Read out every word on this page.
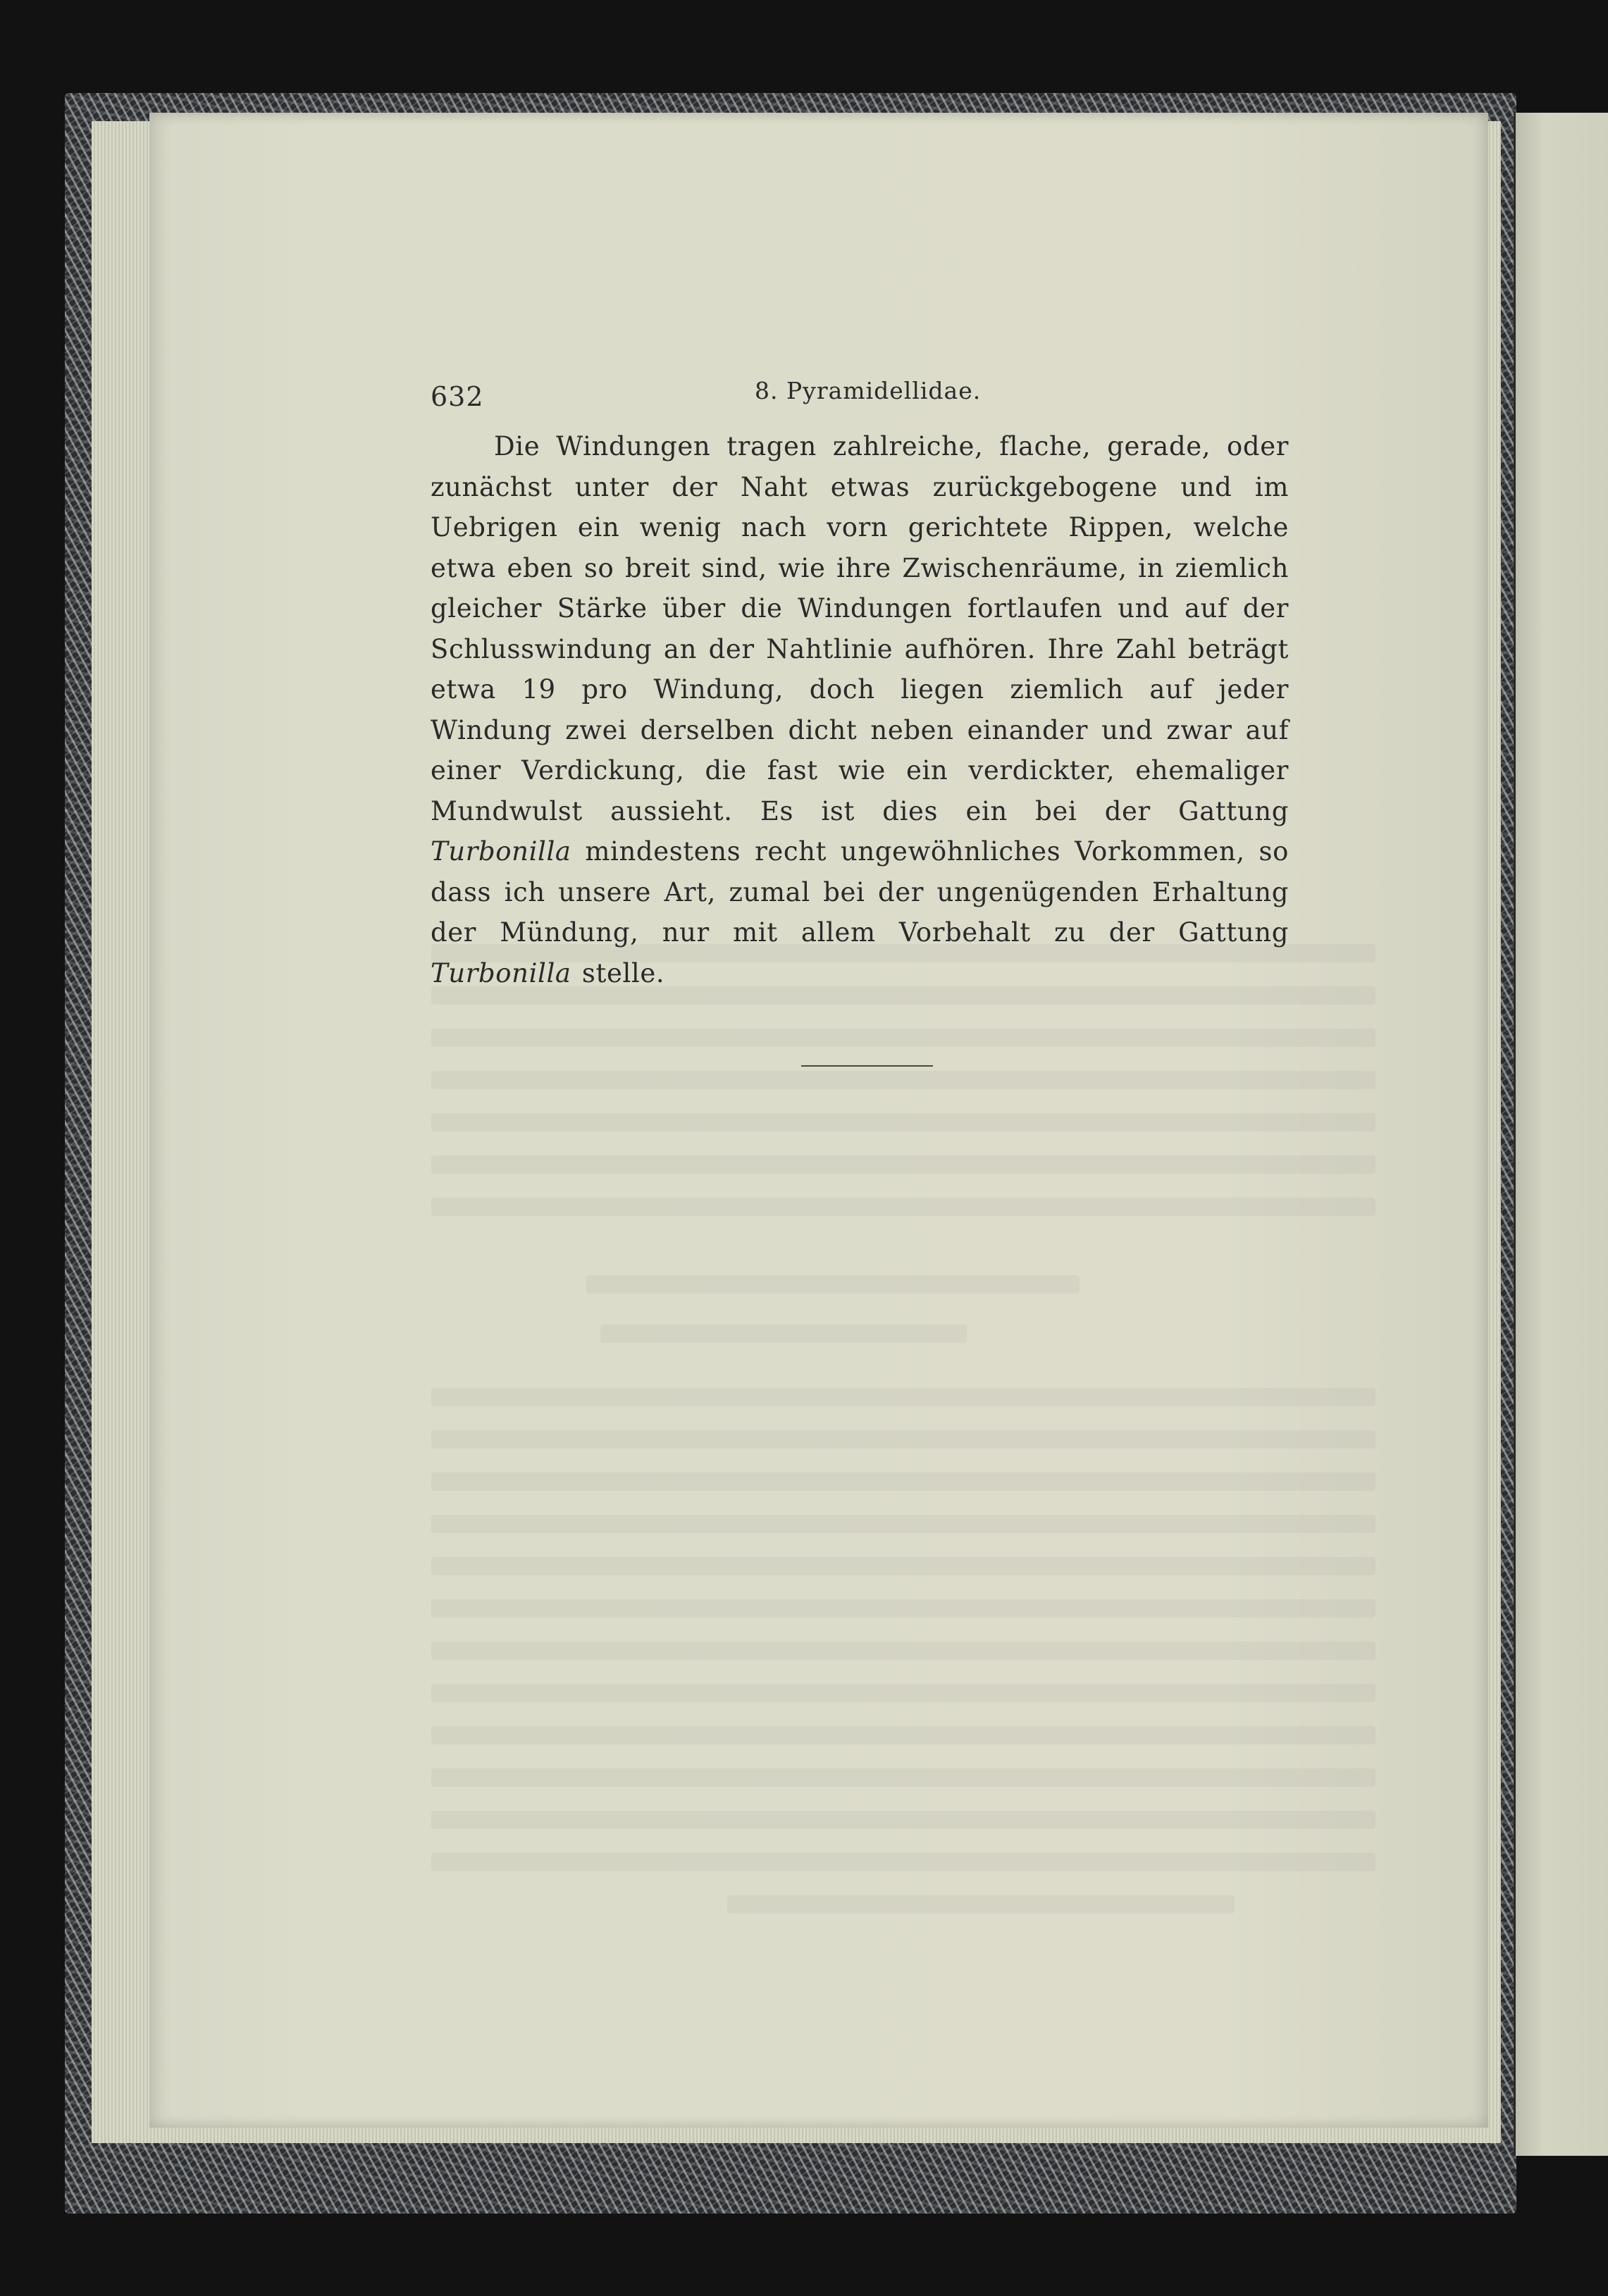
632	8. Pyramidellidae.

Die Windungen tragen zahlreiche, flache, gerade, oder zunächst unter der Naht etwas zurückgebogene und im Uebrigen ein wenig nach vorn gerichtete Rippen, welche etwa eben so breit sind, wie ihre Zwischenräume, in ziemlich gleicher Stärke über die Windungen fortlaufen und auf der Schlusswindung an der Nahtlinie aufhören. Ihre Zahl beträgt etwa 19 pro Windung, doch liegen ziemlich auf jeder Windung zwei derselben dicht neben einander und zwar auf einer Verdickung, die fast wie ein verdickter, ehemaliger Mundwulst aussieht. Es ist dies ein bei der Gattung Turbonilla mindestens recht ungewöhnliches Vorkommen, so dass ich unsere Art, zumal bei der ungenügenden Erhaltung der Mündung, nur mit allem Vorbehalt zu der Gattung Turbonilla stelle.
